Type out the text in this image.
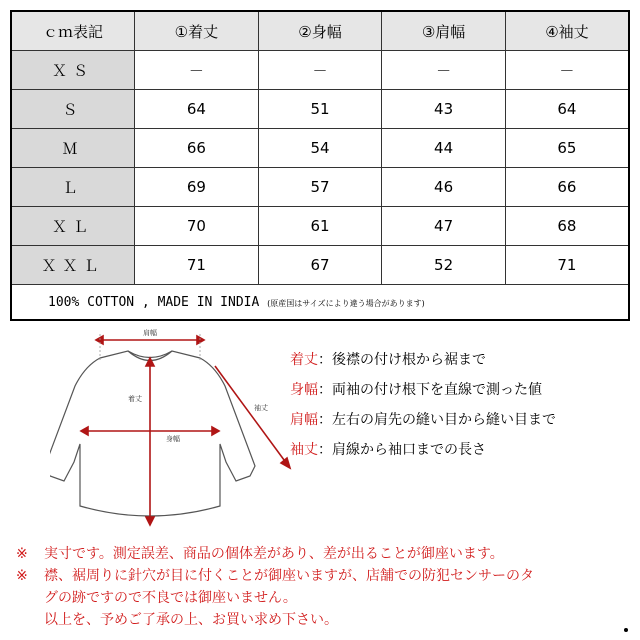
ｃｍ表記	①着丈	②身幅	③肩幅	④袖丈
ＸＳ	－	－	－	－
Ｓ	64	51	43	64
Ｍ	66	54	44	65
Ｌ	69	57	46	66
ＸＬ	70	61	47	68
ＸＸＬ	71	67	52	71
100% COTTON , MADE IN INDIA (原産国はサイズにより違う場合があります)				
肩幅
着丈
身幅
袖丈
着丈：後襟の付け根から裾まで
身幅：両袖の付け根下を直線で測った値
肩幅：左右の肩先の縫い目から縫い目まで
袖丈：肩線から袖口までの長さ
※ 実寸です。測定誤差、商品の個体差があり、差が出ることが御座います。
※ 襟、裾周りに針穴が目に付くことが御座いますが、店舗での防犯センサーのタ
グの跡ですので不良では御座いません。
以上を、予めご了承の上、お買い求め下さい。
